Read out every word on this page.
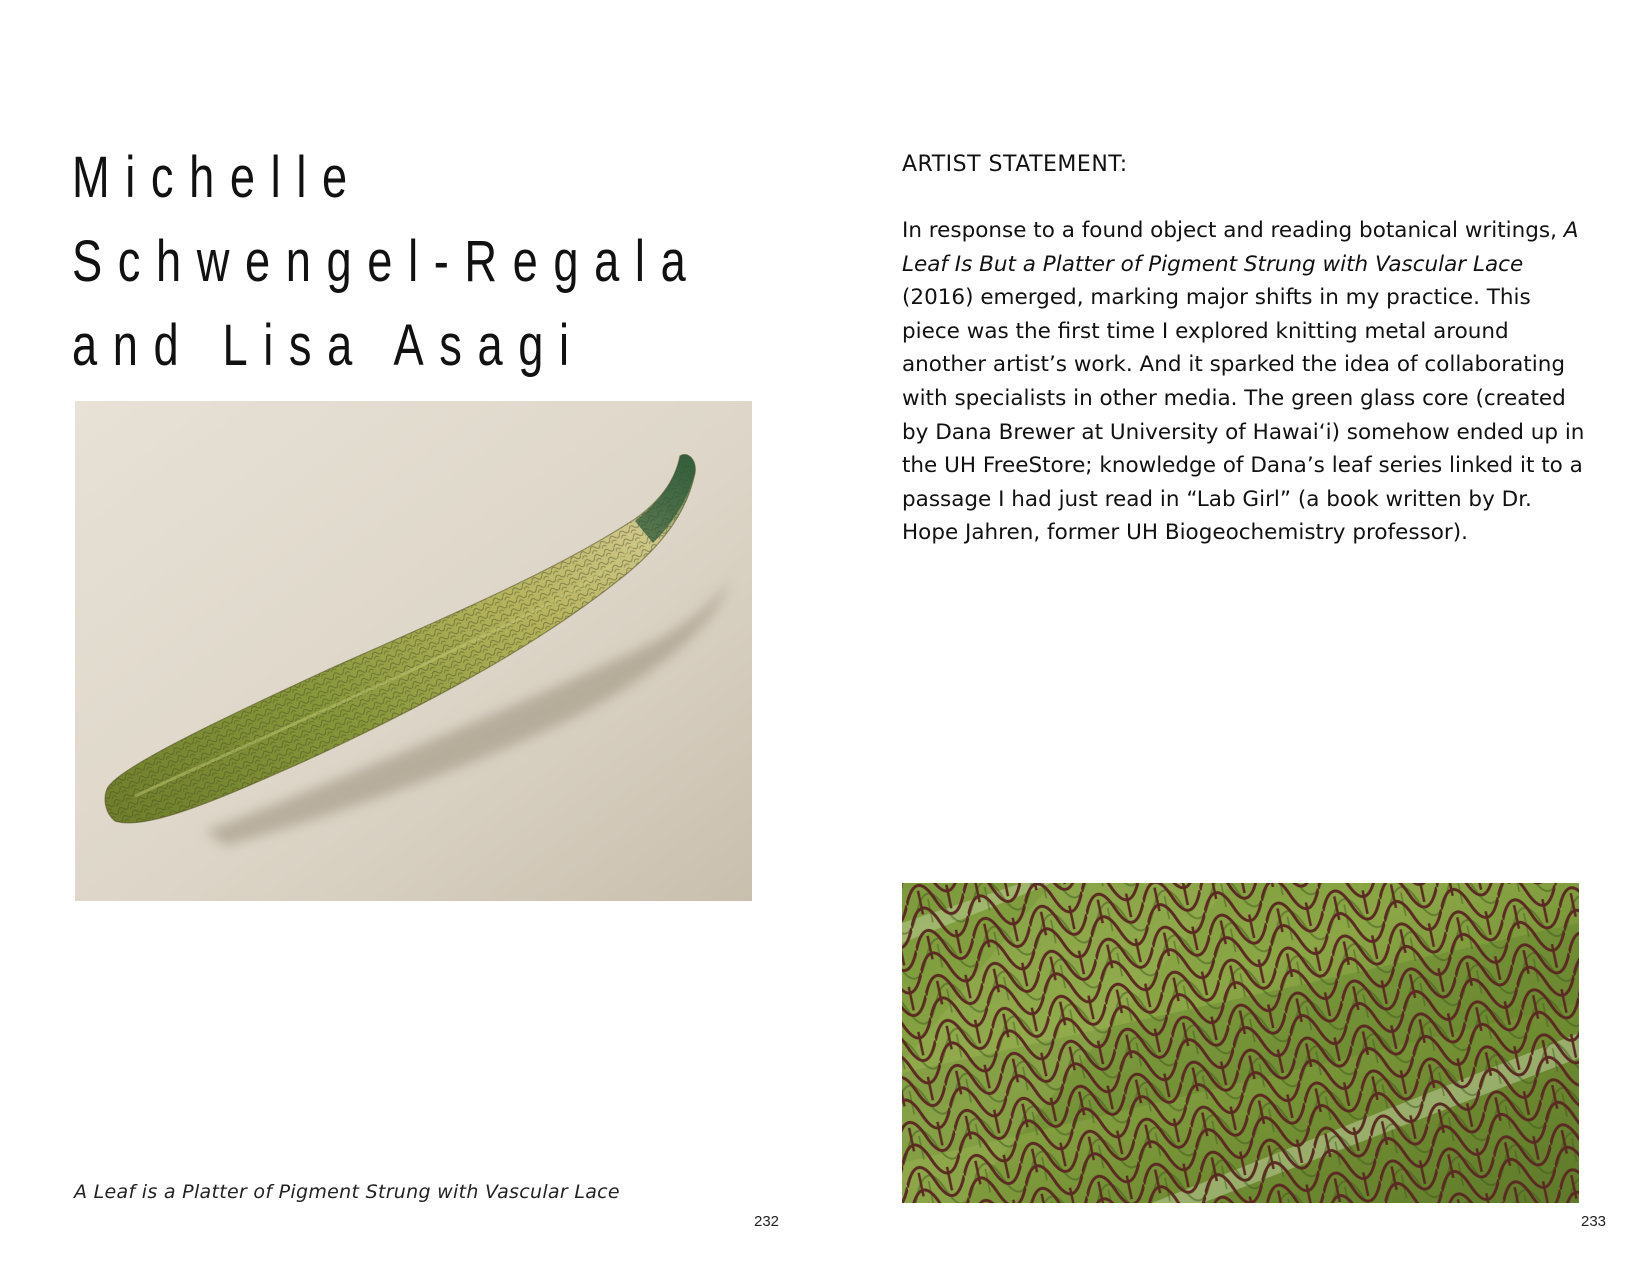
Michelle
Schwengel-Regala
and Lisa Asagi

A Leaf is a Platter of Pigment Strung with Vascular Lace

232
ARTIST STATEMENT:

In response to a found object and reading botanical writings, A Leaf Is But a Platter of Pigment Strung with Vascular Lace (2016) emerged, marking major shifts in my practice. This piece was the first time I explored knitting metal around another artist’s work. And it sparked the idea of collaborating with specialists in other media. The green glass core (created by Dana Brewer at University of Hawai‘i) somehow ended up in the UH FreeStore; knowledge of Dana’s leaf series linked it to a passage I had just read in “Lab Girl” (a book written by Dr. Hope Jahren, former UH Biogeochemistry professor).

233
